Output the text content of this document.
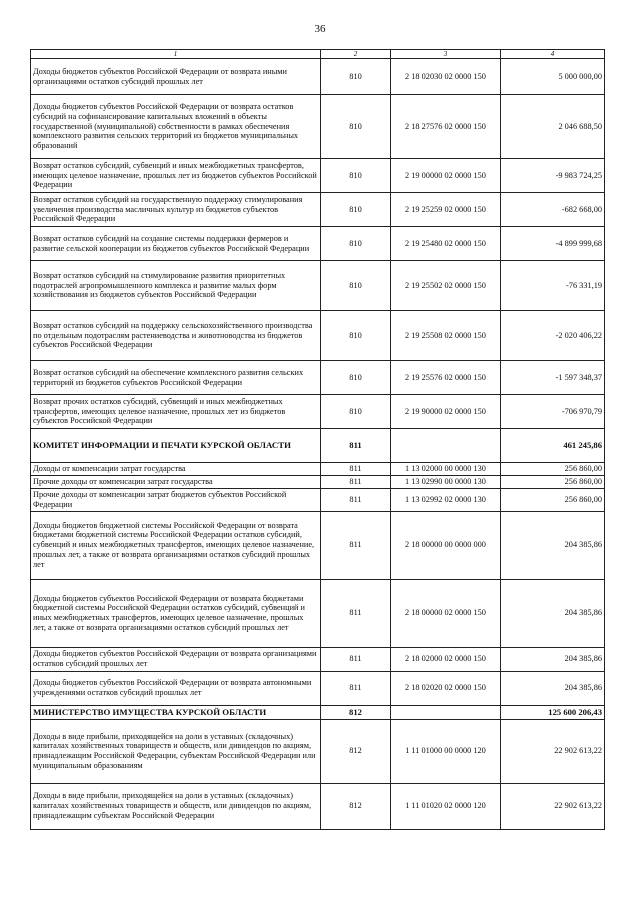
36
1	2	3	4
Доходы бюджетов субъектов Российской Федерации от возврата иными организациями остатков субсидий прошлых лет	810	2 18 02030 02 0000 150	5 000 000,00
Доходы бюджетов субъектов Российской Федерации от возврата остатков субсидий на софинансирование капитальных вложений в объекты государственной (муниципальной) собственности в рамках обеспечения комплексного развития сельских территорий из бюджетов муниципальных образований	810	2 18 27576 02 0000 150	2 046 688,50
Возврат остатков субсидий, субвенций и иных межбюджетных трансфертов, имеющих целевое назначение, прошлых лет из бюджетов субъектов Российской Федерации	810	2 19 00000 02 0000 150	-9 983 724,25
Возврат остатков субсидий на государственную поддержку стимулирования увеличения производства масличных культур из бюджетов субъектов Российской Федерации	810	2 19 25259 02 0000 150	-682 668,00
Возврат остатков субсидий на создание системы поддержки фермеров и развитие сельской кооперации из бюджетов субъектов Российской Федерации	810	2 19 25480 02 0000 150	-4 899 999,68
Возврат остатков субсидий на стимулирование развития приоритетных подотраслей агропромышленного комплекса и развитие малых форм хозяйствования из бюджетов субъектов Российской Федерации	810	2 19 25502 02 0000 150	-76 331,19
Возврат остатков субсидий на поддержку сельскохозяйственного производства по отдельным подотраслям растениеводства и животноводства из бюджетов субъектов Российской Федерации	810	2 19 25508 02 0000 150	-2 020 406,22
Возврат остатков субсидий на обеспечение комплексного развития сельских территорий из бюджетов субъектов Российской Федерации	810	2 19 25576 02 0000 150	-1 597 348,37
Возврат прочих остатков субсидий, субвенций и иных межбюджетных трансфертов, имеющих целевое назначение, прошлых лет из бюджетов субъектов Российской Федерации	810	2 19 90000 02 0000 150	-706 970,79
КОМИТЕТ ИНФОРМАЦИИ И ПЕЧАТИ КУРСКОЙ ОБЛАСТИ	811		461 245,86
Доходы от компенсации затрат государства	811	1 13 02000 00 0000 130	256 860,00
Прочие доходы от компенсации затрат государства	811	1 13 02990 00 0000 130	256 860,00
Прочие доходы от компенсации затрат бюджетов субъектов Российской Федерации	811	1 13 02992 02 0000 130	256 860,00
Доходы бюджетов бюджетной системы Российской Федерации от возврата бюджетами бюджетной системы Российской Федерации остатков субсидий, субвенций и иных межбюджетных трансфертов, имеющих целевое назначение, прошлых лет, а также от возврата организациями остатков субсидий прошлых лет	811	2 18 00000 00 0000 000	204 385,86
Доходы бюджетов субъектов Российской Федерации от возврата бюджетами бюджетной системы Российской Федерации остатков субсидий, субвенций и иных межбюджетных трансфертов, имеющих целевое назначение, прошлых лет, а также от возврата организациями остатков субсидий прошлых лет	811	2 18 00000 02 0000 150	204 385,86
Доходы бюджетов субъектов Российской Федерации от возврата организациями остатков субсидий прошлых лет	811	2 18 02000 02 0000 150	204 385,86
Доходы бюджетов субъектов Российской Федерации от возврата автономными учреждениями остатков субсидий прошлых лет	811	2 18 02020 02 0000 150	204 385,86
МИНИСТЕРСТВО ИМУЩЕСТВА КУРСКОЙ ОБЛАСТИ	812		125 600 206,43
Доходы в виде прибыли, приходящейся на доли в уставных (складочных) капиталах хозяйственных товариществ и обществ, или дивидендов по акциям, принадлежащим Российской Федерации, субъектам Российской Федерации или муниципальным образованиям	812	1 11 01000 00 0000 120	22 902 613,22
Доходы в виде прибыли, приходящейся на доли в уставных (складочных) капиталах хозяйственных товариществ и обществ, или дивидендов по акциям, принадлежащим субъектам Российской Федерации	812	1 11 01020 02 0000 120	22 902 613,22
